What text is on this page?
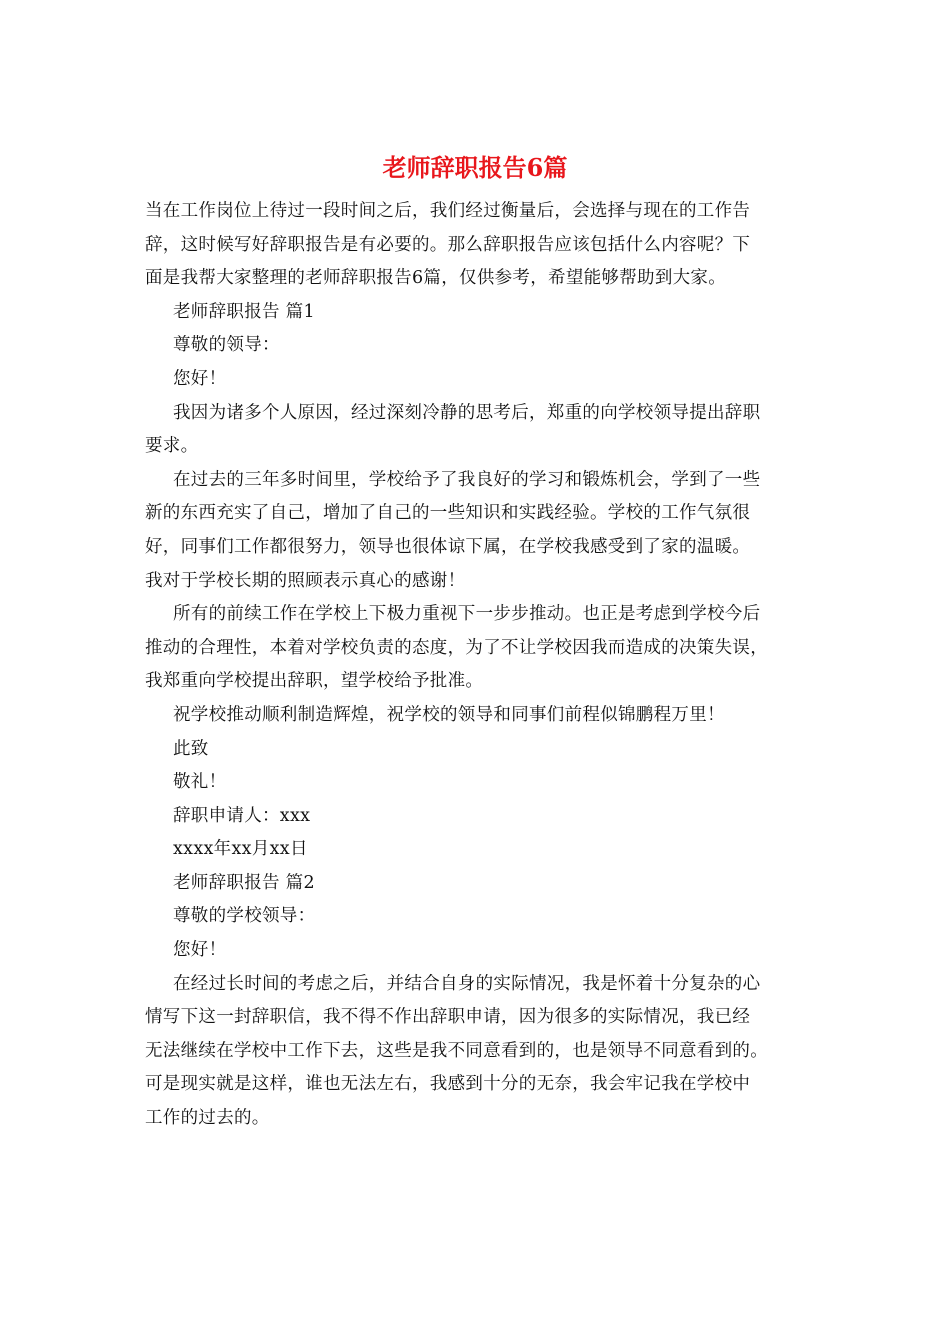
老师辞职报告6篇

当在工作岗位上待过一段时间之后，我们经过衡量后，会选择与现在的工作告

辞，这时候写好辞职报告是有必要的。那么辞职报告应该包括什么内容呢？下

面是我帮大家整理的老师辞职报告6篇，仅供参考，希望能够帮助到大家。

老师辞职报告 篇1

尊敬的领导：

您好！

我因为诸多个人原因，经过深刻冷静的思考后，郑重的向学校领导提出辞职

要求。

在过去的三年多时间里，学校给予了我良好的学习和锻炼机会，学到了一些

新的东西充实了自己，增加了自己的一些知识和实践经验。学校的工作气氛很

好，同事们工作都很努力，领导也很体谅下属，在学校我感受到了家的温暖。

我对于学校长期的照顾表示真心的感谢！

所有的前续工作在学校上下极力重视下一步步推动。也正是考虑到学校今后

推动的合理性，本着对学校负责的态度，为了不让学校因我而造成的决策失误，

我郑重向学校提出辞职，望学校给予批准。

祝学校推动顺利制造辉煌，祝学校的领导和同事们前程似锦鹏程万里！

此致

敬礼！

辞职申请人：xxx

xxxx年xx月xx日

老师辞职报告 篇2

尊敬的学校领导：

您好！

在经过长时间的考虑之后，并结合自身的实际情况，我是怀着十分复杂的心

情写下这一封辞职信，我不得不作出辞职申请，因为很多的实际情况，我已经

无法继续在学校中工作下去，这些是我不同意看到的，也是领导不同意看到的。

可是现实就是这样，谁也无法左右，我感到十分的无奈，我会牢记我在学校中

工作的过去的。
